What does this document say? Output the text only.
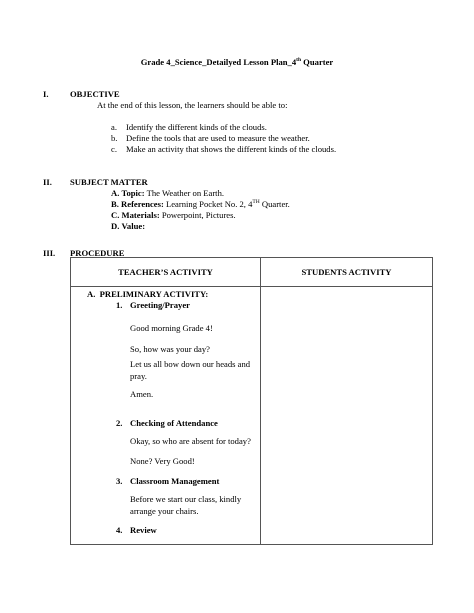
Grade 4_Science_Detailyed Lesson Plan_4th Quarter
I.	OBJECTIVE
At the end of this lesson, the learners should be able to:
a. Identify the different kinds of the clouds.
b. Define the tools that are used to measure the weather.
c. Make an activity that shows the different kinds of the clouds.
II. SUBJECT MATTER
A. Topic: The Weather on Earth.
B. References: Learning Pocket No. 2, 4TH Quarter.
C. Materials: Powerpoint, Pictures.
D. Value:
III. PROCEDURE
TEACHER’S ACTIVITY	STUDENTS ACTIVITY
A.  PRELIMINARY ACTIVITY:
1. Greeting/Prayer
Good morning Grade 4!
So, how was your day?
Let us all bow down our heads and
pray.
Amen.
2. Checking of Attendance
Okay, so who are absent for today?
None? Very Good!
3. Classroom Management
Before we start our class, kindly
arrange your chairs.
4. Review
